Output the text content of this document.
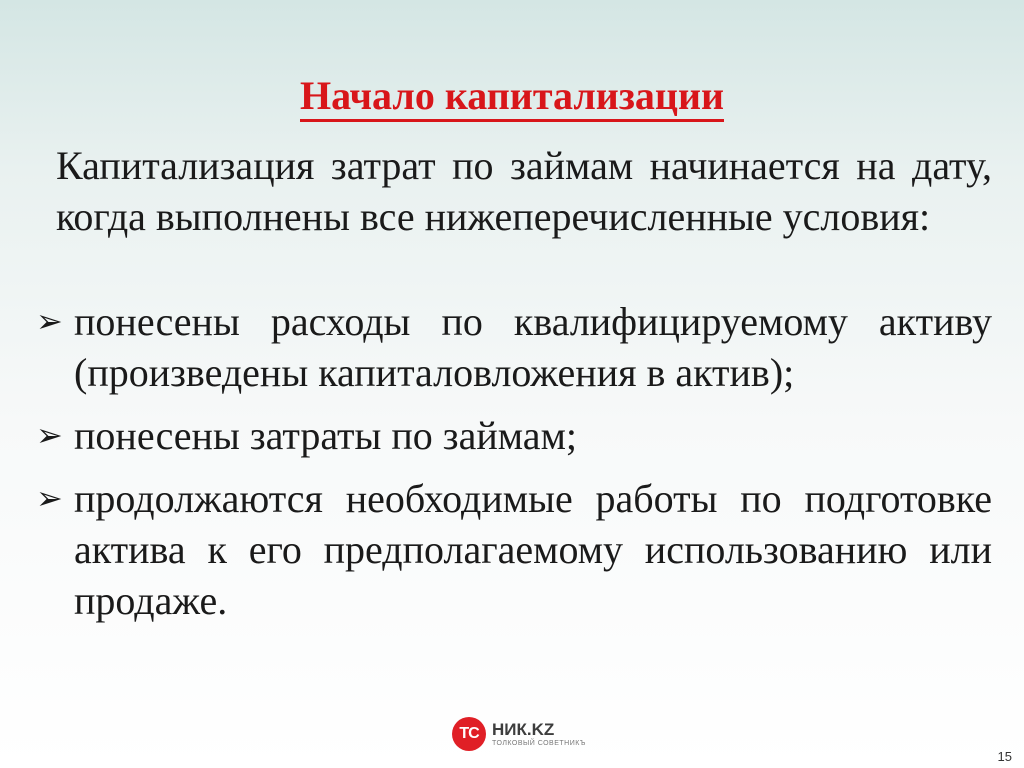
Начало капитализации

Капитализация затрат по займам начинается на дату, когда выполнены все нижеперечисленные условия:

➢ понесены расходы по квалифицируемому активу (произведены капиталовложения в актив);
➢ понесены затраты по займам;
➢ продолжаются необходимые работы по подготовке актива к его предполагаемому использованию или продаже.
ТС НИК.KZ
ТОЛКОВЫЙ СОВЕТНИКЪ
15
